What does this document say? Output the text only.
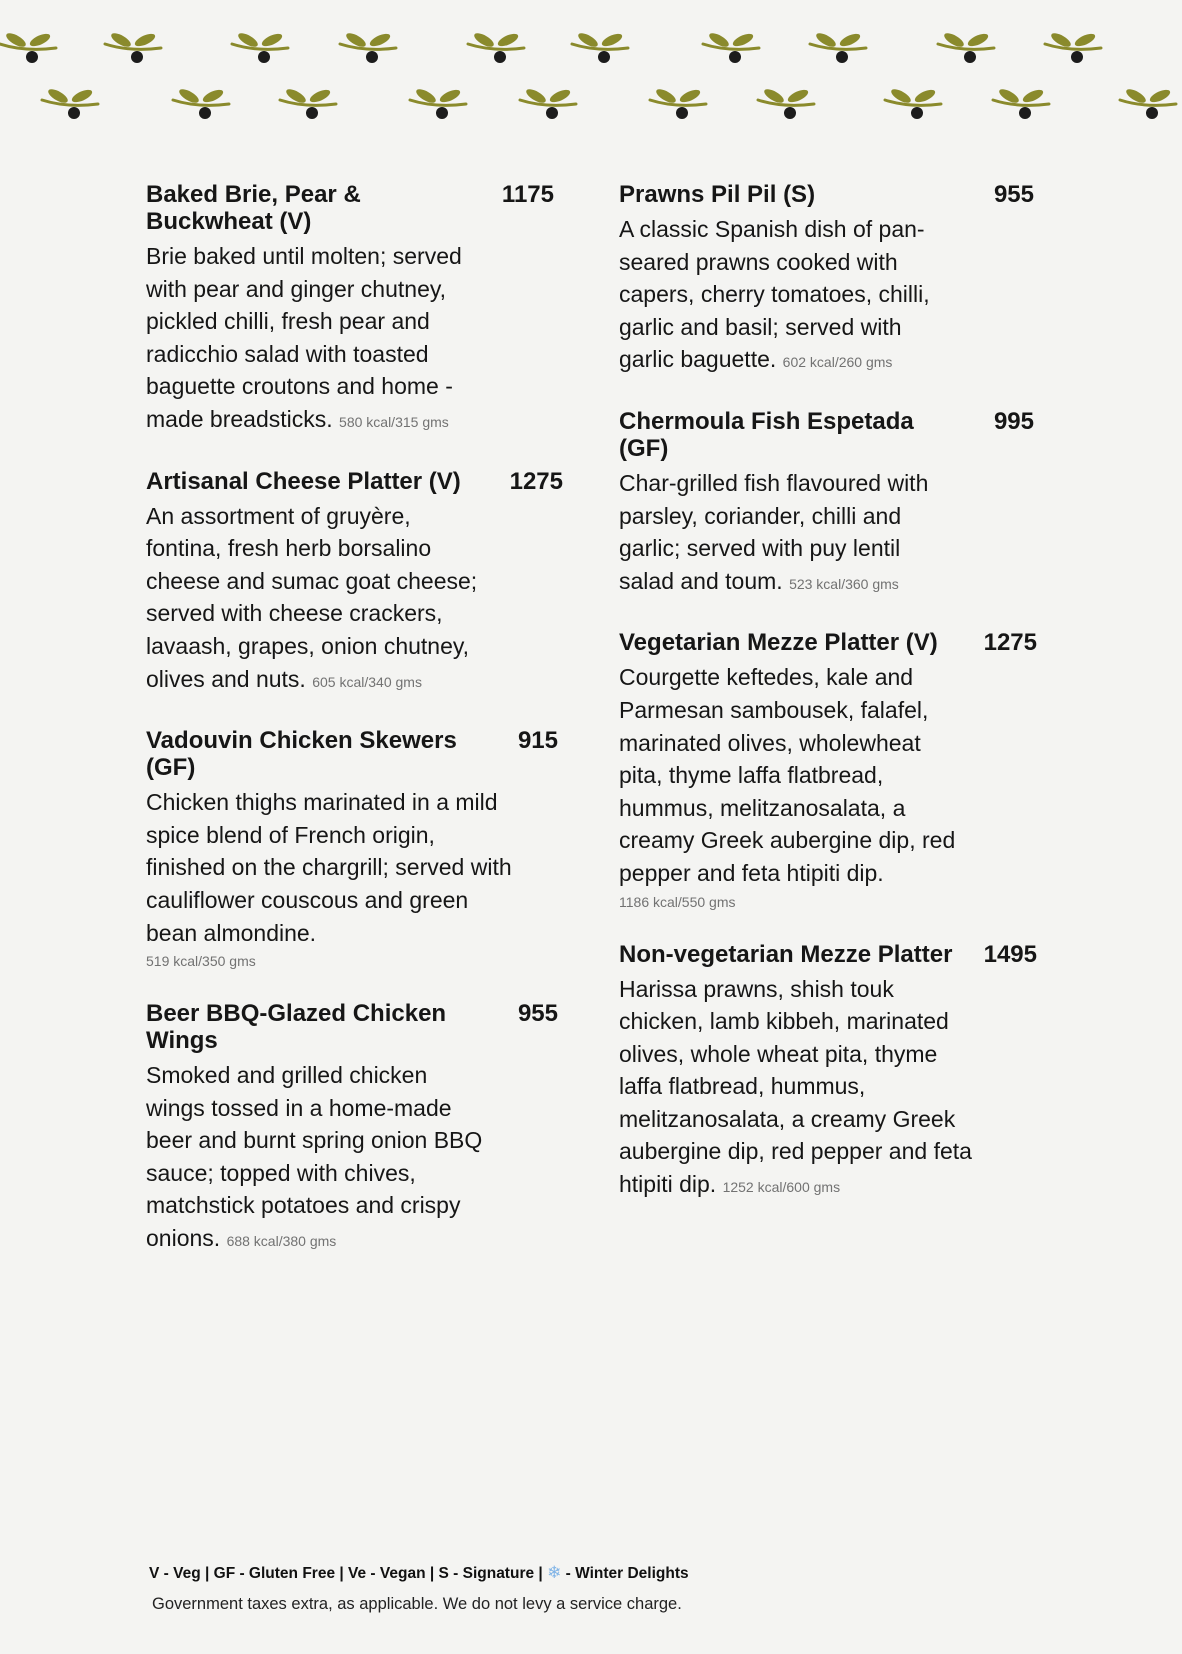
Baked Brie, Pear & Buckwheat (V)
1175
Brie baked until molten; served with pear and ginger chutney, pickled chilli, fresh pear and radicchio salad with toasted baguette croutons and home -made breadsticks. 580 kcal/315 gms
Artisanal Cheese Platter (V) 1275
An assortment of gruyère, fontina, fresh herb borsalino cheese and sumac goat cheese; served with cheese crackers, lavaash, grapes, onion chutney, olives and nuts. 605 kcal/340 gms
Vadouvin Chicken Skewers (GF)
915
Chicken thighs marinated in a mild spice blend of French origin, finished on the chargrill; served with cauliflower couscous and green bean almondine.
519 kcal/350 gms
Beer BBQ-Glazed Chicken Wings
955
Smoked and grilled chicken wings tossed in a home-made beer and burnt spring onion BBQ sauce; topped with chives, matchstick potatoes and crispy onions. 688 kcal/380 gms
Prawns Pil Pil (S)	955
A classic Spanish dish of pan-seared prawns cooked with capers, cherry tomatoes, chilli, garlic and basil; served with garlic baguette. 602 kcal/260 gms
Chermoula Fish Espetada (GF)
995
Char-grilled fish flavoured with parsley, coriander, chilli and garlic; served with puy lentil salad and toum. 523 kcal/360 gms
Vegetarian Mezze Platter (V) 1275
Courgette keftedes, kale and Parmesan sambousek, falafel, marinated olives, wholewheat pita, thyme laffa flatbread, hummus, melitzanosalata, a creamy Greek aubergine dip, red pepper and feta htipiti dip.
1186 kcal/550 gms
Non-vegetarian Mezze Platter 1495
Harissa prawns, shish touk chicken, lamb kibbeh, marinated olives, whole wheat pita, thyme laffa flatbread, hummus, melitzanosalata, a creamy Greek aubergine dip, red pepper and feta htipiti dip. 1252 kcal/600 gms
V - Veg | GF - Gluten Free | Ve - Vegan | S - Signature | ❄ - Winter Delights
Government taxes extra, as applicable. We do not levy a service charge.
